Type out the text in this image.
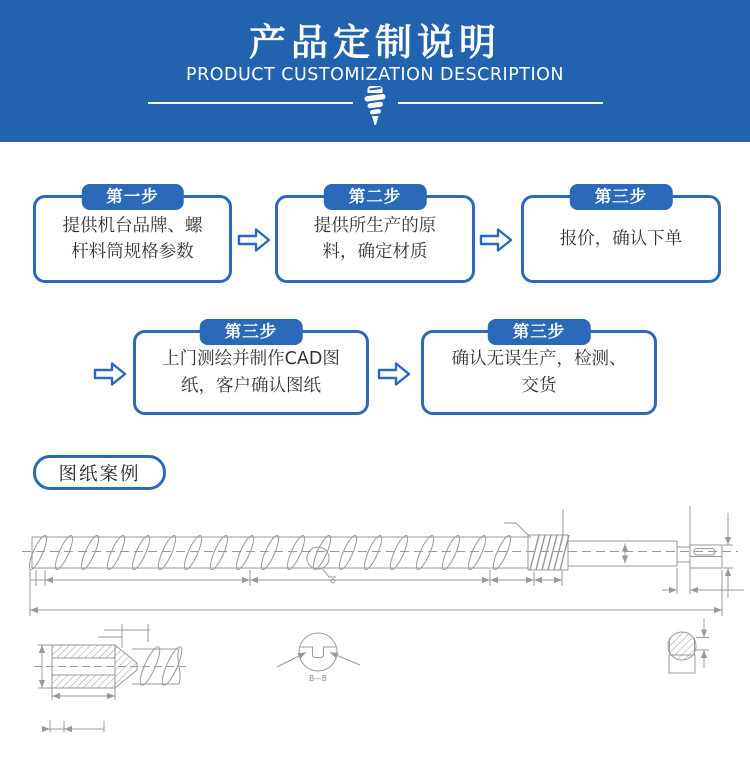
产品定制说明
PRODUCT CUSTOMIZATION DESCRIPTION
第一步
提供机台品牌、螺
杆料筒规格参数
第二步
提供所生产的原
料，确定材质
第三步
报价，确认下单
第三步
上门测绘并制作CAD图
纸，客户确认图纸
第三步
确认无误生产，检测、
交货
图纸案例
B—B
